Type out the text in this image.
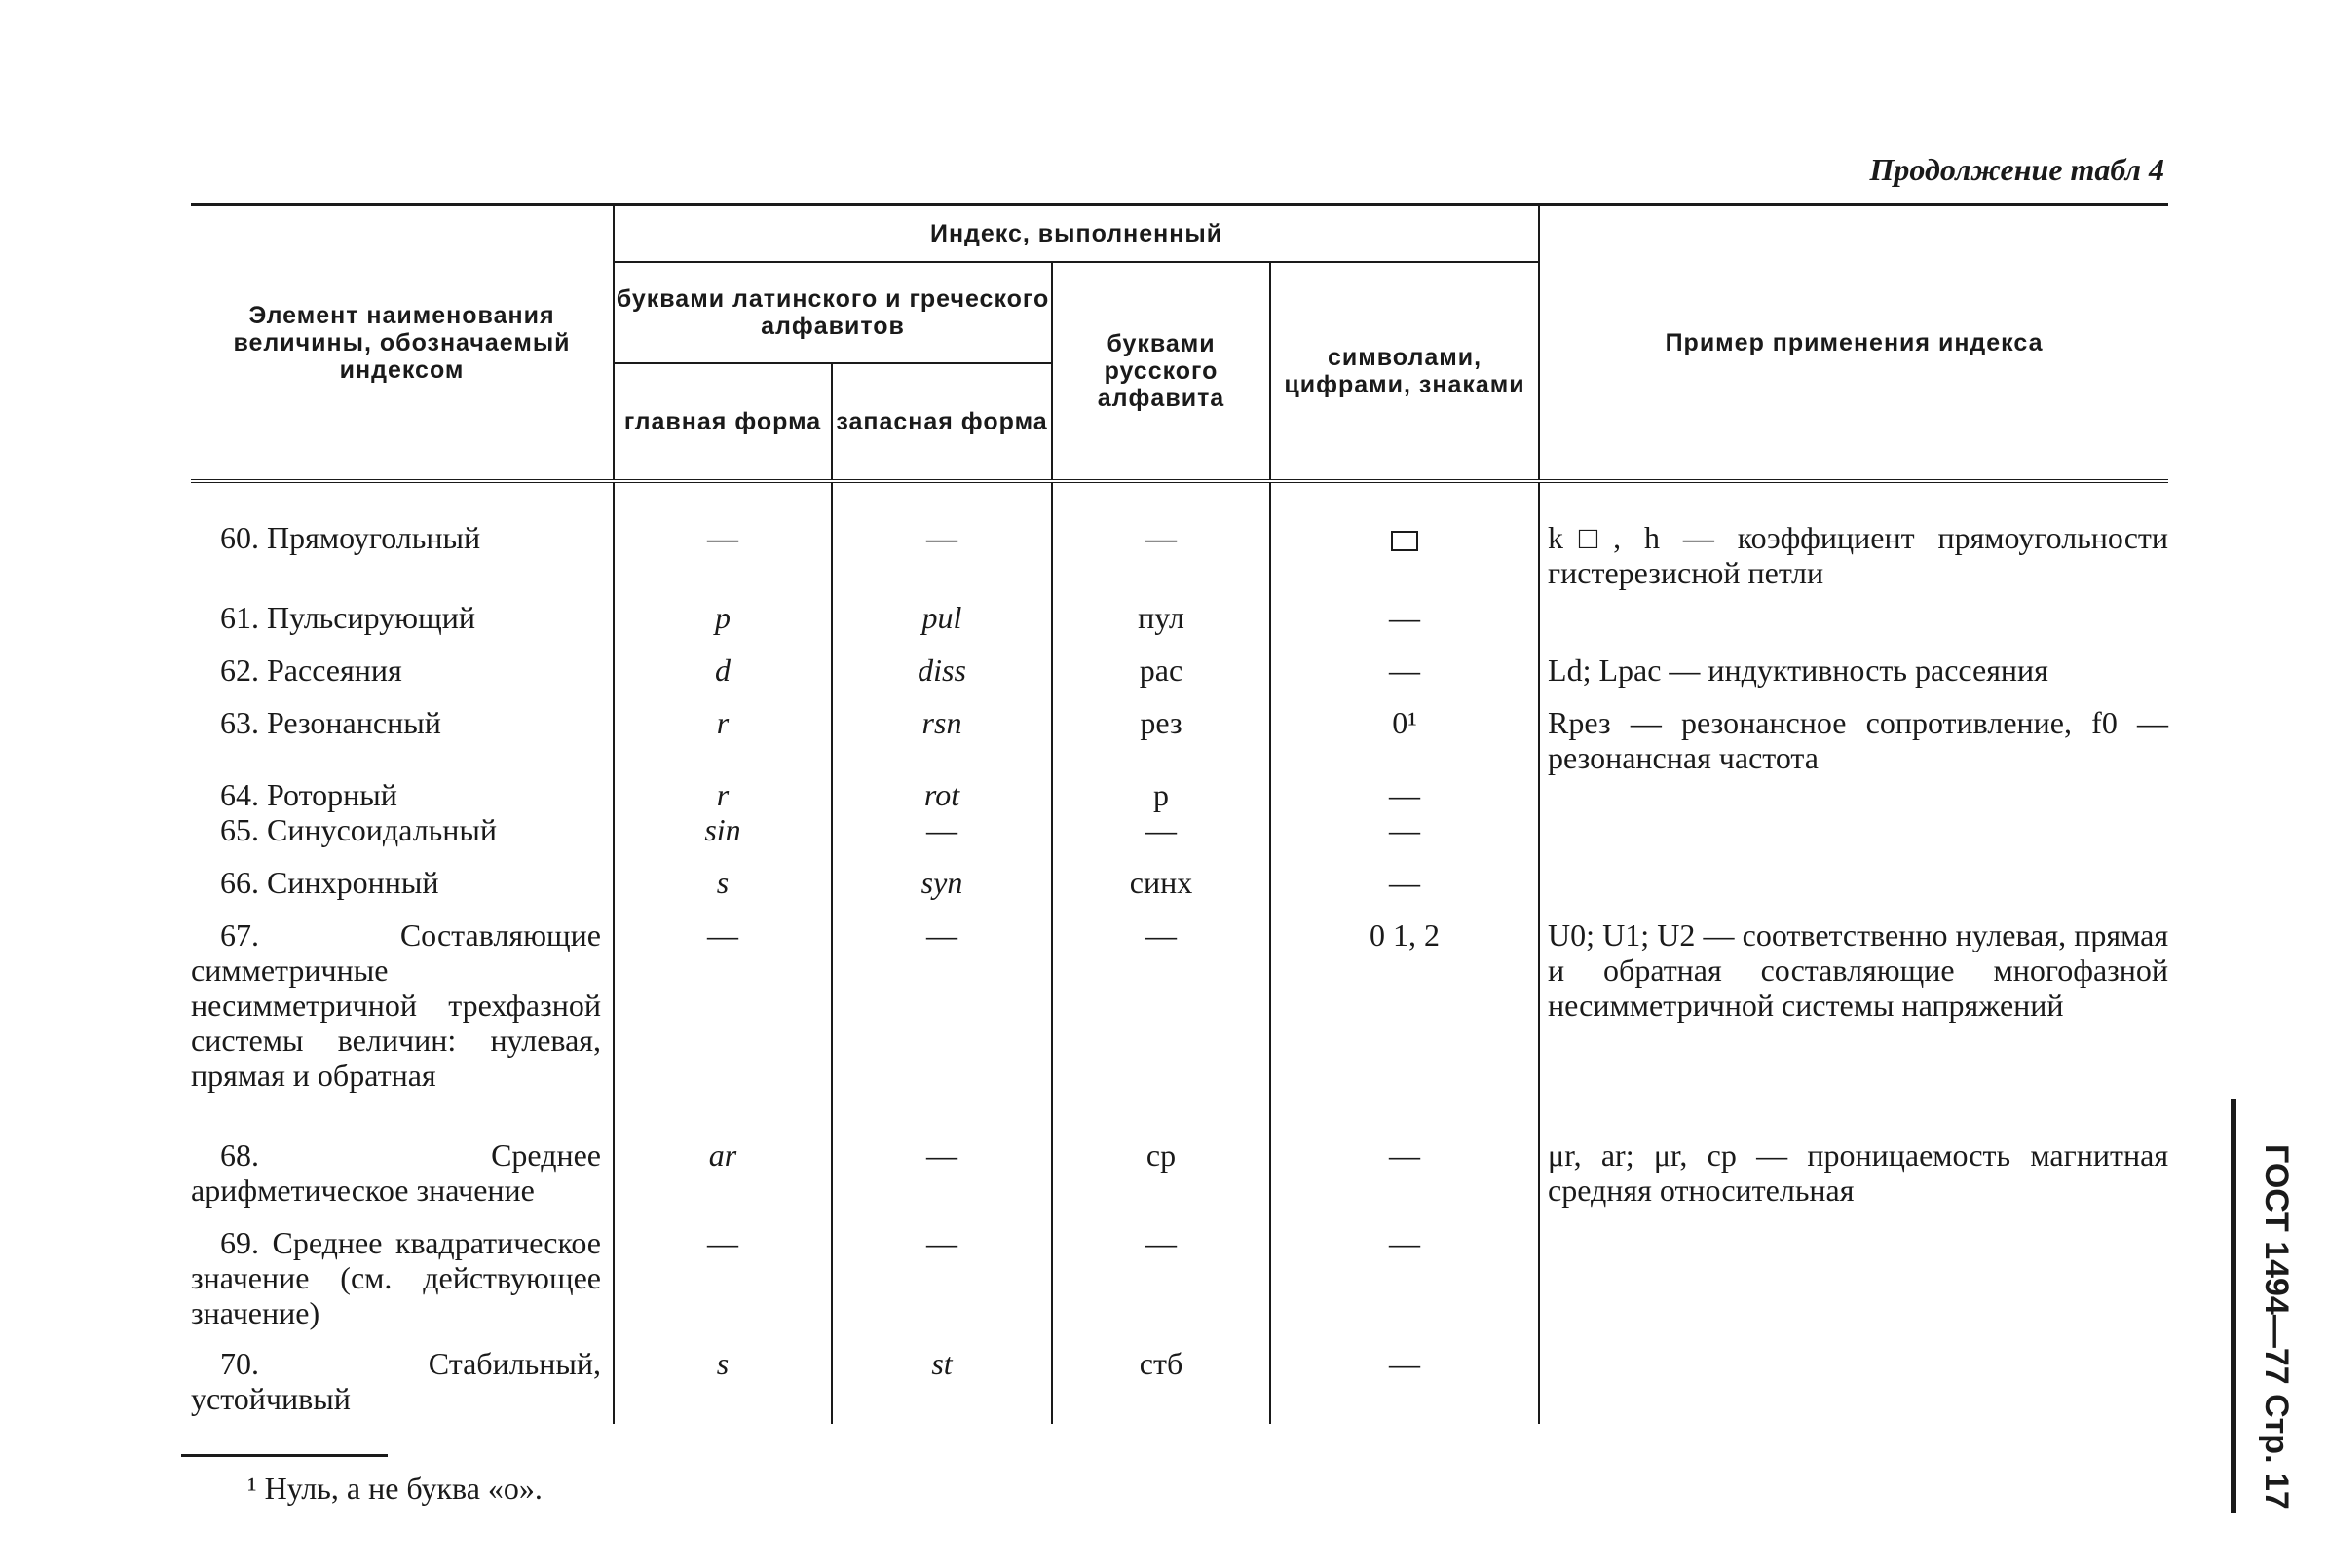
Продолжение табл 4
Элемент наименования величины, обозначаемый индексом	Индекс, выполненный				Пример применения индекса
	буквами латинского и греческого алфавитов		буквами русского алфавита	символами, цифрами, знаками	
	главная форма	запасная форма			
60. Прямоугольный	—	—	—		k□, h — коэффициент прямоугольности гистерезисной петли
61. Пульсирующий	p	pul	пул	—	
62. Рассеяния	d	diss	рас	—	Ld; Lрас — индуктивность рассеяния
63. Резонансный	r	rsn	рез	0¹	Rрез — резонансное сопротивление, f0 — резонансная частота
64. Роторный	r	rot	р	—	
65. Синусоидальный	sin	—	—	—	
66. Синхронный	s	syn	синх	—	

67. Составляющие симметричные несимметричной трехфазной системы величин: нулевая, прямая и обратная	—	—	—	0 1, 2	U0; U1; U2 — соответственно нулевая, прямая и обратная составляющие многофазной несимметричной системы напряжений

68. Среднее арифметическое значение	ar	—	ср	—	μr, ar; μr, ср — проницаемость магнитная средняя относительная

69. Среднее квадратическое значение (см. действующее значение)	—	—	—	—	

70. Стабильный, устойчивый	s	st	стб	—	
¹ Нуль, а не буква «о».	ГОСТ 1494—77 Стр. 17
